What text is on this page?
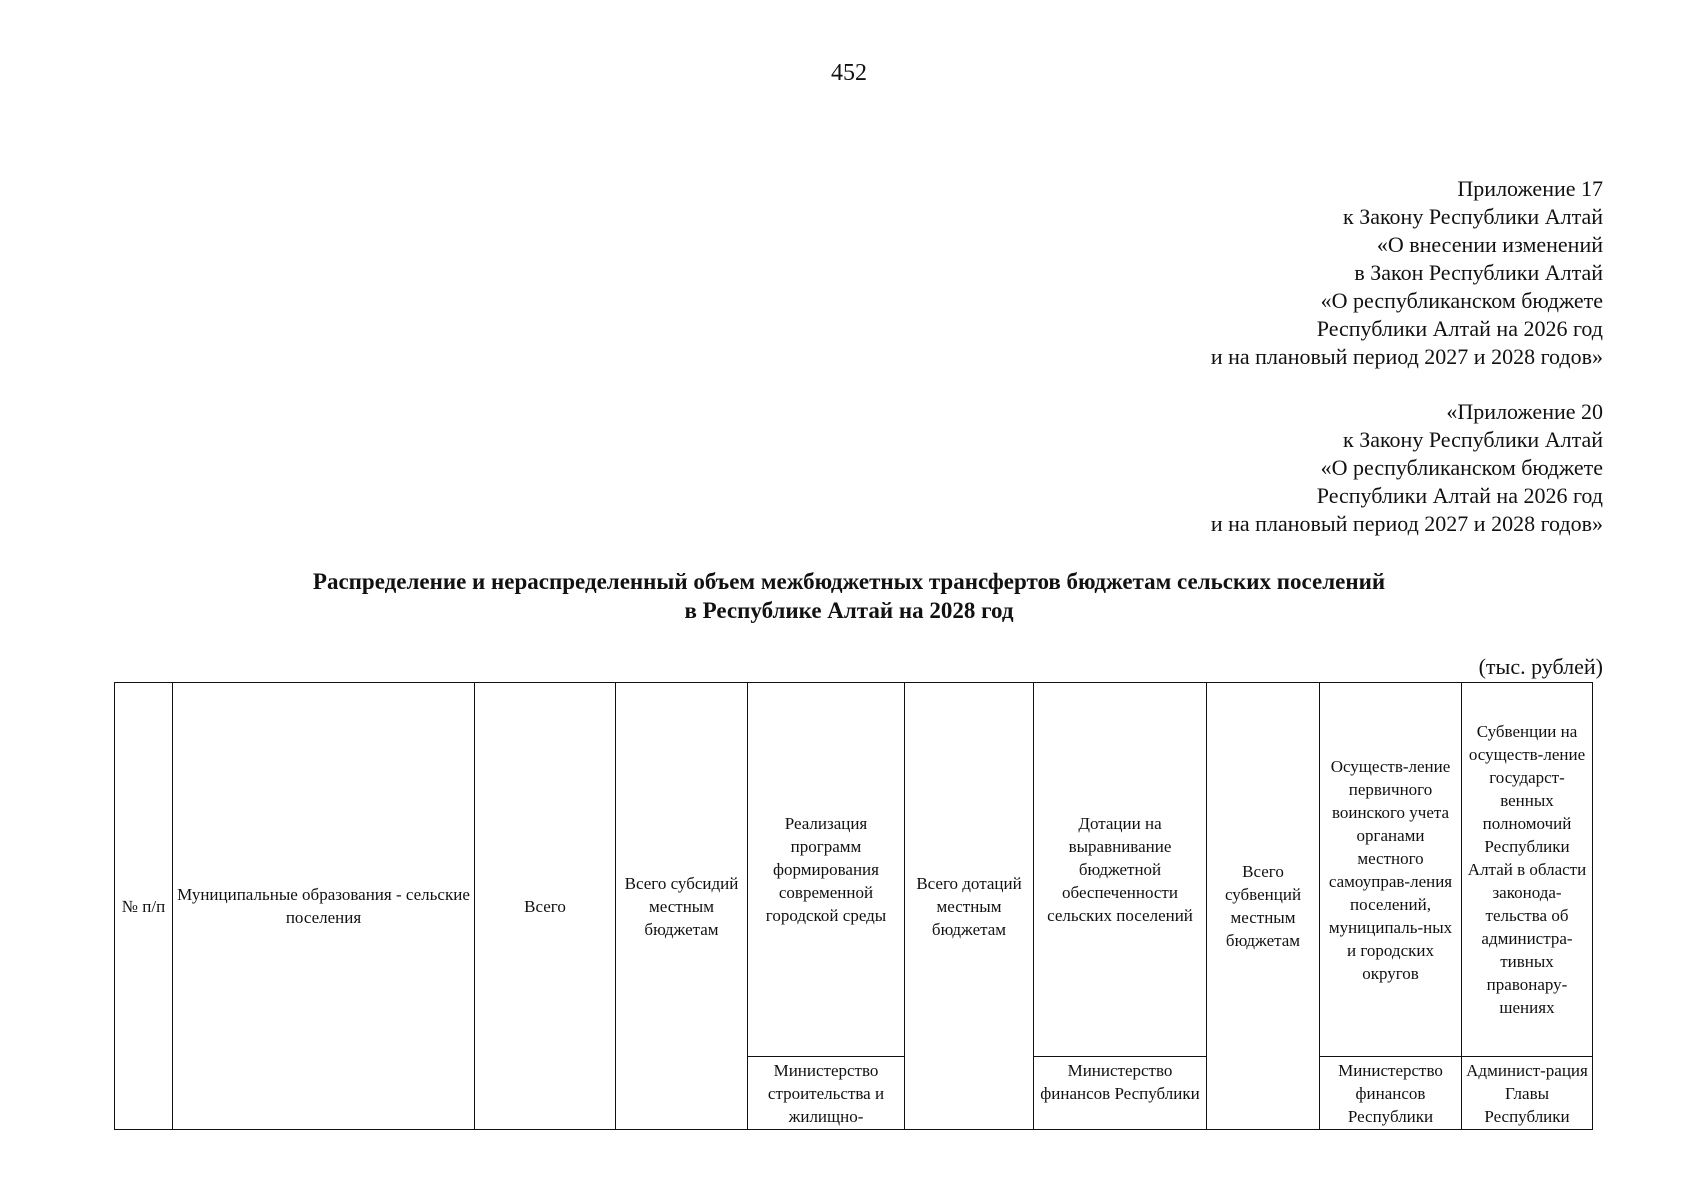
452
Приложение 17
к Закону Республики Алтай
«О внесении изменений
в Закон Республики Алтай
«О республиканском бюджете
Республики Алтай на 2026 год
и на плановый период 2027 и 2028 годов»
«Приложение 20
к Закону Республики Алтай
«О республиканском бюджете
Республики Алтай на 2026 год
и на плановый период 2027 и 2028 годов»
Распределение и нераспределенный объем межбюджетных трансфертов бюджетам сельских поселений
в Республике Алтай на 2028 год
(тыс. рублей)
№ п/п	Муниципальные образования - сельские поселения	Всего	Всего субсидий местным бюджетам	Реализация программ формирования современной городской среды	Всего дотаций местным бюджетам	Дотации на выравнивание бюджетной обеспеченности сельских поселений	Всего субвенций местным бюджетам	Осуществ-ление первичного воинского учета органами местного самоуправ-ления поселений, муниципаль-ных и городских округов	Субвенции на осуществ-ление государст-венных полномочий Республики Алтай в области законода-тельства об администра-тивных правонару-шениях

				Министерство строительства и жилищно-		Министерство финансов Республики		Министерство финансов Республики	Админист-рация Главы Республики
